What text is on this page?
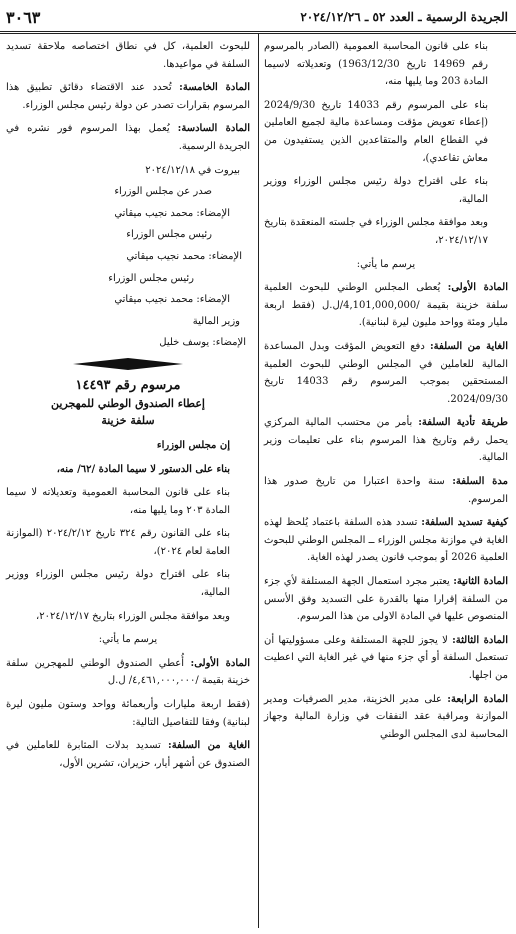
الجريدة الرسمية ـ العدد ٥٢ ـ ٢٠٢٤/١٢/٢٦
٣٠٦٣

بناء على قانون المحاسبة العمومية (الصادر بالمرسوم رقم 14969 تاريخ 1963/12/30) وتعديلاته لاسيما المادة 203 وما يليها منه،

بناء على المرسوم رقم 14033 تاريخ 2024/9/30 (إعطاء تعويض مؤقت ومساعدة مالية لجميع العاملين في القطاع العام والمتقاعدين الذين يستفيدون من معاش تقاعدي)،

بناء على اقتراح دولة رئيس مجلس الوزراء ووزير المالية،

وبعد موافقة مجلس الوزراء في جلسته المنعقدة بتاريخ ٢٠٢٤/١٢/١٧،

يرسم ما يأتي:

المادة الأولى: يُعطى المجلس الوطني للبحوث العلمية سلفة خزينة بقيمة /4,101,000,000/ل.ل (فقط اربعة مليار ومئة وواحد مليون ليرة لبنانية).

الغاية من السلفة: دفع التعويض المؤقت وبدل المساعدة المالية للعاملين في المجلس الوطني للبحوث العلمية المستحقين بموجب المرسوم رقم 14033 تاريخ 2024/09/30.

طريقة تأدية السلفة: بأمر من محتسب المالية المركزي يحمل رقم وتاريخ هذا المرسوم بناء على تعليمات وزير المالية.

مدة السلفة: سنة واحدة اعتبارا من تاريخ صدور هذا المرسوم.

كيفية تسديد السلفة: تسدد هذه السلفة باعتماد يُلحظ لهذه الغاية في موازنة مجلس الوزراء ــ المجلس الوطني للبحوث العلمية 2026 أو بموجب قانون يصدر لهذه الغاية.

المادة الثانية: يعتبر مجرد استعمال الجهة المستلفة لأي جزء من السلفة إقرارا منها بالقدرة على التسديد وفق الأسس المنصوص عليها في المادة الاولى من هذا المرسوم.

المادة الثالثة: لا يجوز للجهة المستلفة وعلى مسؤوليتها أن تستعمل السلفة أو أي جزء منها في غير الغاية التي اعطيت من اجلها.

المادة الرابعة: على مدير الخزينة، مدير الصرفيات ومدير الموازنة ومراقبة عقد النفقات في وزارة المالية وجهاز المحاسبة لدى المجلس الوطني

للبحوث العلمية، كل في نطاق اختصاصه ملاحقة تسديد السلفة في مواعيدها.

المادة الخامسة: تُحدد عند الاقتضاء دقائق تطبيق هذا المرسوم بقرارات تصدر عن دولة رئيس مجلس الوزراء.

المادة السادسة: يُعمل بهذا المرسوم فور نشره في الجريدة الرسمية.

بيروت في ٢٠٢٤/١٢/١٨

صدر عن مجلس الوزراء

الإمضاء: محمد نجيب ميقاتي

رئيس مجلس الوزراء

الإمضاء: محمد نجيب ميقاتي

رئيس مجلس الوزراء

الإمضاء: محمد نجيب ميقاتي

وزير المالية

الإمضاء: يوسف خليل

مرسوم رقم ١٤٤٩٣
إعطاء الصندوق الوطني للمهجرين
سلفة خزينة

إن مجلس الوزراء

بناء على الدستور لا سيما المادة /٦٢/ منه،

بناء على قانون المحاسبة العمومية وتعديلاته لا سيما المادة ٢٠٣ وما يليها منه،

بناء على القانون رقم ٣٢٤ تاريخ ٢٠٢٤/٢/١٢ (الموازنة العامة لعام ٢٠٢٤)،

بناء على اقتراح دولة رئيس مجلس الوزراء ووزير المالية،

وبعد موافقة مجلس الوزراء بتاريخ ٢٠٢٤/١٢/١٧،

يرسم ما يأتي:

المادة الأولى: أُعطي الصندوق الوطني للمهجرين سلفة خزينة بقيمة /٤,٤٦١,٠٠٠,٠٠٠/ ل.ل

(فقط اربعة مليارات وأربعمائة وواحد وستون مليون ليرة لبنانية) وفقا للتفاصيل التالية:

الغاية من السلفة: تسديد بدلات المثابرة للعاملين في الصندوق عن أشهر أيار، حزيران، تشرين الأول،
